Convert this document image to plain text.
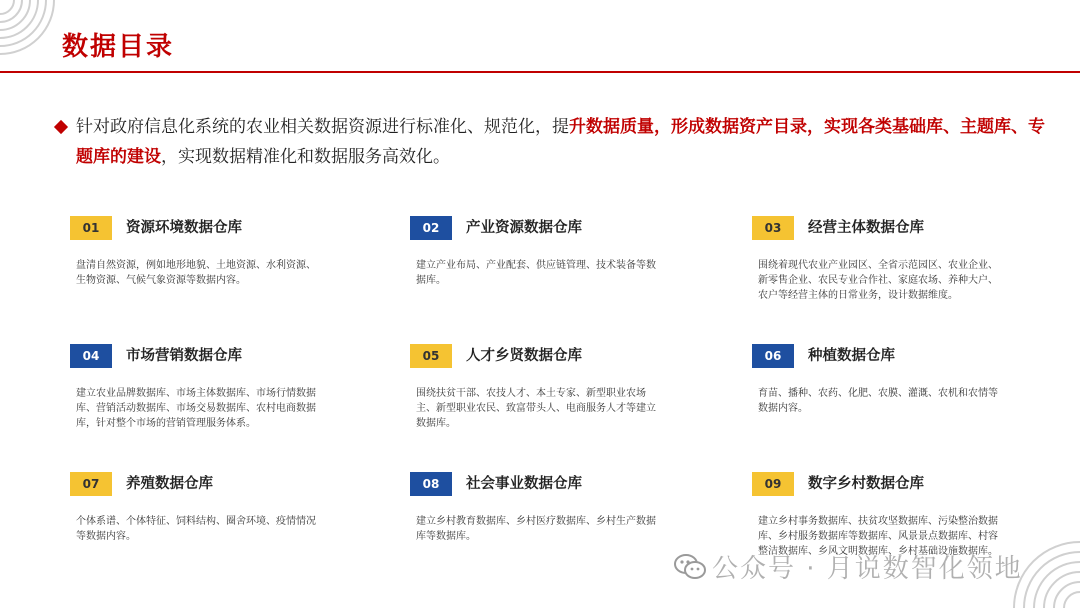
数据目录
针对政府信息化系统的农业相关数据资源进行标准化、规范化，提升数据质量，形成数据资产目录，实现各类基础库、主题库、专题库的建设，实现数据精准化和数据服务高效化。
01	资源环境数据仓库
盘清自然资源，例如地形地貌、土地资源、水利资源、生物资源、气候气象资源等数据内容。
02	产业资源数据仓库
建立产业布局、产业配套、供应链管理、技术装备等数据库。
03	经营主体数据仓库
围绕着现代农业产业园区、全省示范园区、农业企业、新零售企业、农民专业合作社、家庭农场、养种大户、农户等经营主体的日常业务，设计数据维度。
04	市场营销数据仓库
建立农业品牌数据库、市场主体数据库、市场行情数据库、营销活动数据库、市场交易数据库、农村电商数据库，针对整个市场的营销管理服务体系。
05	人才乡贤数据仓库
围绕扶贫干部、农技人才、本土专家、新型职业农场主、新型职业农民、致富带头人、电商服务人才等建立数据库。
06	种植数据仓库
育苗、播种、农药、化肥、农膜、灌溉、农机和农情等数据内容。
07	养殖数据仓库
个体系谱、个体特征、饲料结构、圈舍环境、疫情情况等数据内容。
08	社会事业数据仓库
建立乡村教育数据库、乡村医疗数据库、乡村生产数据库等数据库。
09	数字乡村数据仓库
建立乡村事务数据库、扶贫攻坚数据库、污染整治数据库、乡村服务数据库等数据库、风景景点数据库、村容整洁数据库、乡风文明数据库、乡村基础设施数据库。
公众号 · 月说数智化领地
